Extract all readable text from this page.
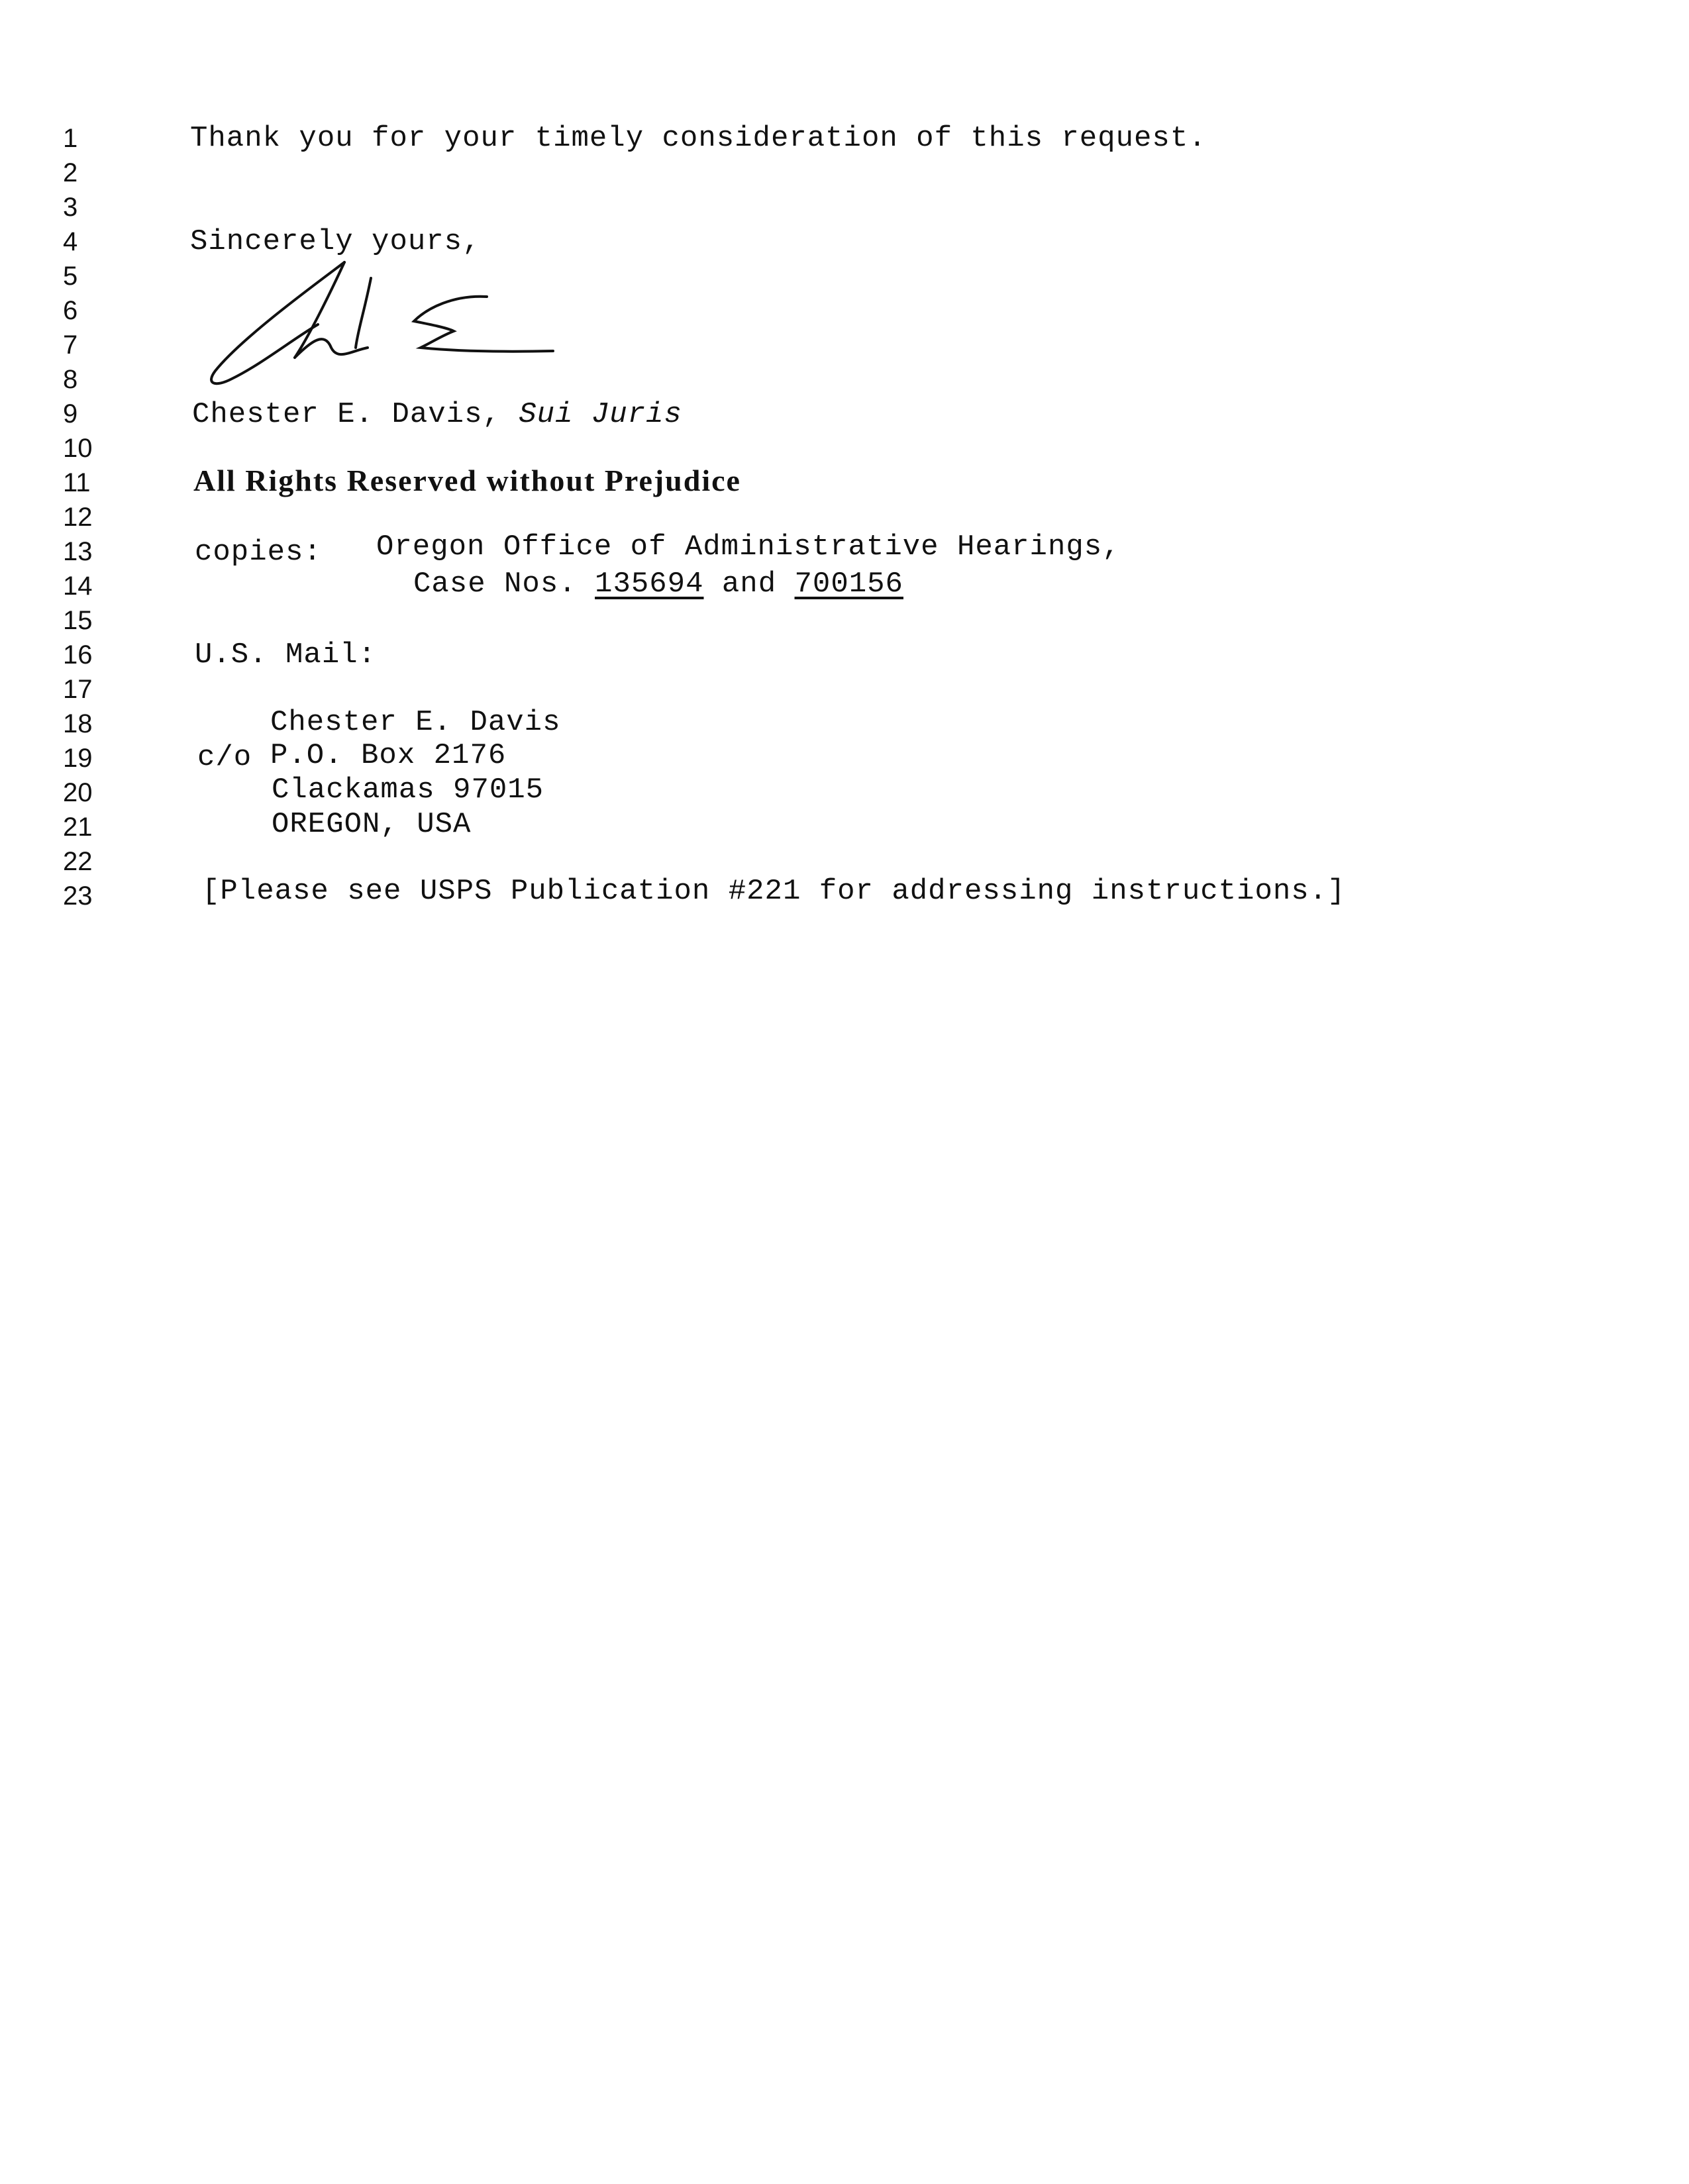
1
2
3
4
5
6
7
8
9
10
11
12
13
14
15
16
17
18
19
20
21
22
23
Thank you for your timely consideration of this request.
Sincerely yours,
Chester E. Davis, Sui Juris
All Rights Reserved without Prejudice
copies: Oregon Office of Administrative Hearings,
Case Nos. 135694 and 700156
U.S. Mail:
Chester E. Davis
c/o P.O. Box 2176
Clackamas 97015
OREGON, USA
[Please see USPS Publication #221 for addressing instructions.]
